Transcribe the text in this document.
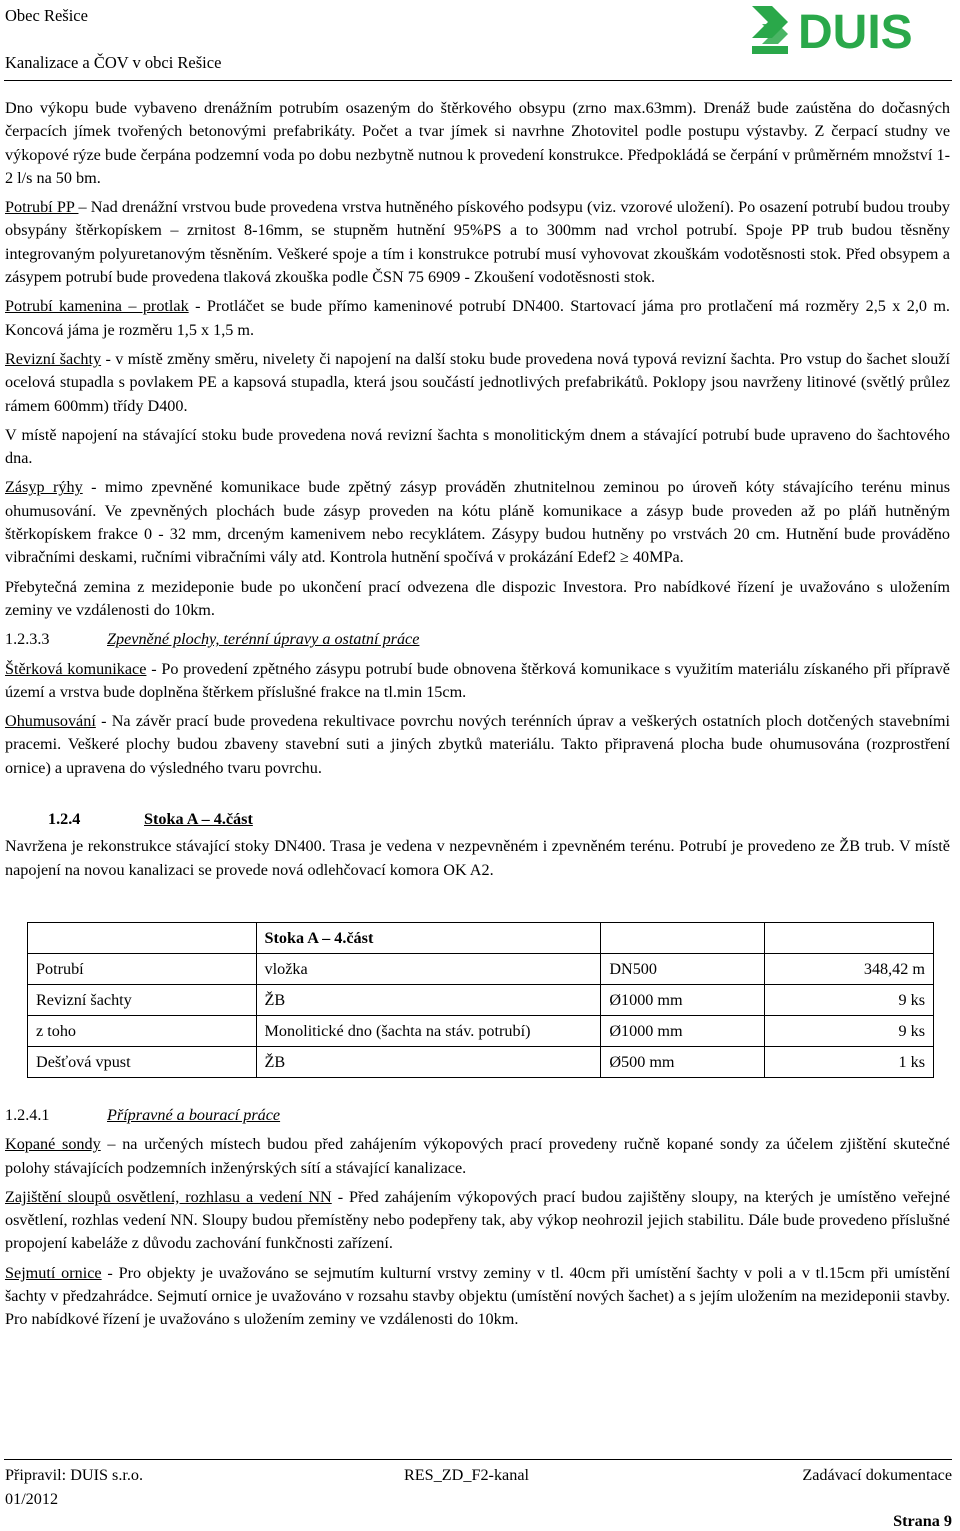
Obec Rešice
Kanalizace a ČOV v obci Rešice
DUIS

Dno výkopu bude vybaveno drenážním potrubím osazeným do štěrkového obsypu (zrno max.63mm). Drenáž bude zaústěna do dočasných čerpacích jímek tvořených betonovými prefabrikáty. Počet a tvar jímek si navrhne Zhotovitel podle postupu výstavby. Z čerpací studny ve výkopové rýze bude čerpána podzemní voda po dobu nezbytně nutnou k provedení konstrukce. Předpokládá se čerpání v průměrném množství 1-2 l/s na 50 bm.

Potrubí PP – Nad drenážní vrstvou bude provedena vrstva hutněného pískového podsypu (viz. vzorové uložení). Po osazení potrubí budou trouby obsypány štěrkopískem – zrnitost 8-16mm, se stupněm hutnění 95%PS a to 300mm nad vrchol potrubí. Spoje PP trub budou těsněny integrovaným polyuretanovým těsněním. Veškeré spoje a tím i konstrukce potrubí musí vyhovovat zkouškám vodotěsnosti stok. Před obsypem a zásypem potrubí bude provedena tlaková zkouška podle ČSN 75 6909 - Zkoušení vodotěsnosti stok.

Potrubí kamenina – protlak - Protláčet se bude přímo kameninové potrubí DN400. Startovací jáma pro protlačení má rozměry 2,5 x 2,0 m. Koncová jáma je rozměru 1,5 x 1,5 m.

Revizní šachty - v místě změny směru, nivelety či napojení na další stoku bude provedena nová typová revizní šachta. Pro vstup do šachet slouží ocelová stupadla s povlakem PE a kapsová stupadla, která jsou součástí jednotlivých prefabrikátů. Poklopy jsou navrženy litinové (světlý průlez rámem 600mm) třídy D400.

V místě napojení na stávající stoku bude provedena nová revizní šachta s monolitickým dnem a stávající potrubí bude upraveno do šachtového dna.

Zásyp rýhy - mimo zpevněné komunikace bude zpětný zásyp prováděn zhutnitelnou zeminou po úroveň kóty stávajícího terénu minus ohumusování. Ve zpevněných plochách bude zásyp proveden na kótu pláně komunikace a zásyp bude proveden až po pláň hutněným štěrkopískem frakce 0 - 32 mm, drceným kamenivem nebo recyklátem. Zásypy budou hutněny po vrstvách 20 cm. Hutnění bude prováděno vibračními deskami, ručními vibračními vály atd. Kontrola hutnění spočívá v prokázání Edef2 ≥ 40MPa.

Přebytečná zemina z mezideponie bude po ukončení prací odvezena dle dispozic Investora. Pro nabídkové řízení je uvažováno s uložením zeminy ve vzdálenosti do 10km.

1.2.3.3	Zpevněné plochy, terénní úpravy a ostatní práce

Štěrková komunikace - Po provedení zpětného zásypu potrubí bude obnovena štěrková komunikace s využitím materiálu získaného při přípravě území a vrstva bude doplněna štěrkem příslušné frakce na tl.min 15cm.

Ohumusování - Na závěr prací bude provedena rekultivace povrchu nových terénních úprav a veškerých ostatních ploch dotčených stavebními pracemi. Veškeré plochy budou zbaveny stavební suti a jiných zbytků materiálu. Takto připravená plocha bude ohumusována (rozprostření ornice) a upravena do výsledného tvaru povrchu.

1.2.4	Stoka A – 4.část

Navržena je rekonstrukce stávající stoky DN400. Trasa je vedena v nezpevněném i zpevněném terénu. Potrubí je provedeno ze ŽB trub. V místě napojení na novou kanalizaci se provede nová odlehčovací komora OK A2.

	Stoka A – 4.část		
Potrubí	vložka	DN500	348,42 m
Revizní šachty	ŽB	Ø1000 mm	9 ks
z toho	Monolitické dno (šachta na stáv. potrubí)	Ø1000 mm	9 ks
Dešťová vpust	ŽB	Ø500 mm	1 ks
1.2.4.1	Přípravné a bourací práce

Kopané sondy – na určených místech budou před zahájením výkopových prací provedeny ručně kopané sondy za účelem zjištění skutečné polohy stávajících podzemních inženýrských sítí a stávající kanalizace.

Zajištění sloupů osvětlení, rozhlasu a vedení NN - Před zahájením výkopových prací budou zajištěny sloupy, na kterých je umístěno veřejné osvětlení, rozhlas vedení NN. Sloupy budou přemístěny nebo podepřeny tak, aby výkop neohrozil jejich stabilitu. Dále bude provedeno příslušné propojení kabeláže z důvodu zachování funkčnosti zařízení.

Sejmutí ornice - Pro objekty je uvažováno se sejmutím kulturní vrstvy zeminy v tl. 40cm při umístění šachty v poli a v tl.15cm při umístění šachty v předzahrádce. Sejmutí ornice je uvažováno v rozsahu stavby objektu (umístění nových šachet) a s jejím uložením na mezideponii stavby. Pro nabídkové řízení je uvažováno s uložením zeminy ve vzdálenosti do 10km.

Připravil: DUIS s.r.o.	RES_ZD_F2-kanal	Zadávací dokumentace
01/2012
Strana 9
